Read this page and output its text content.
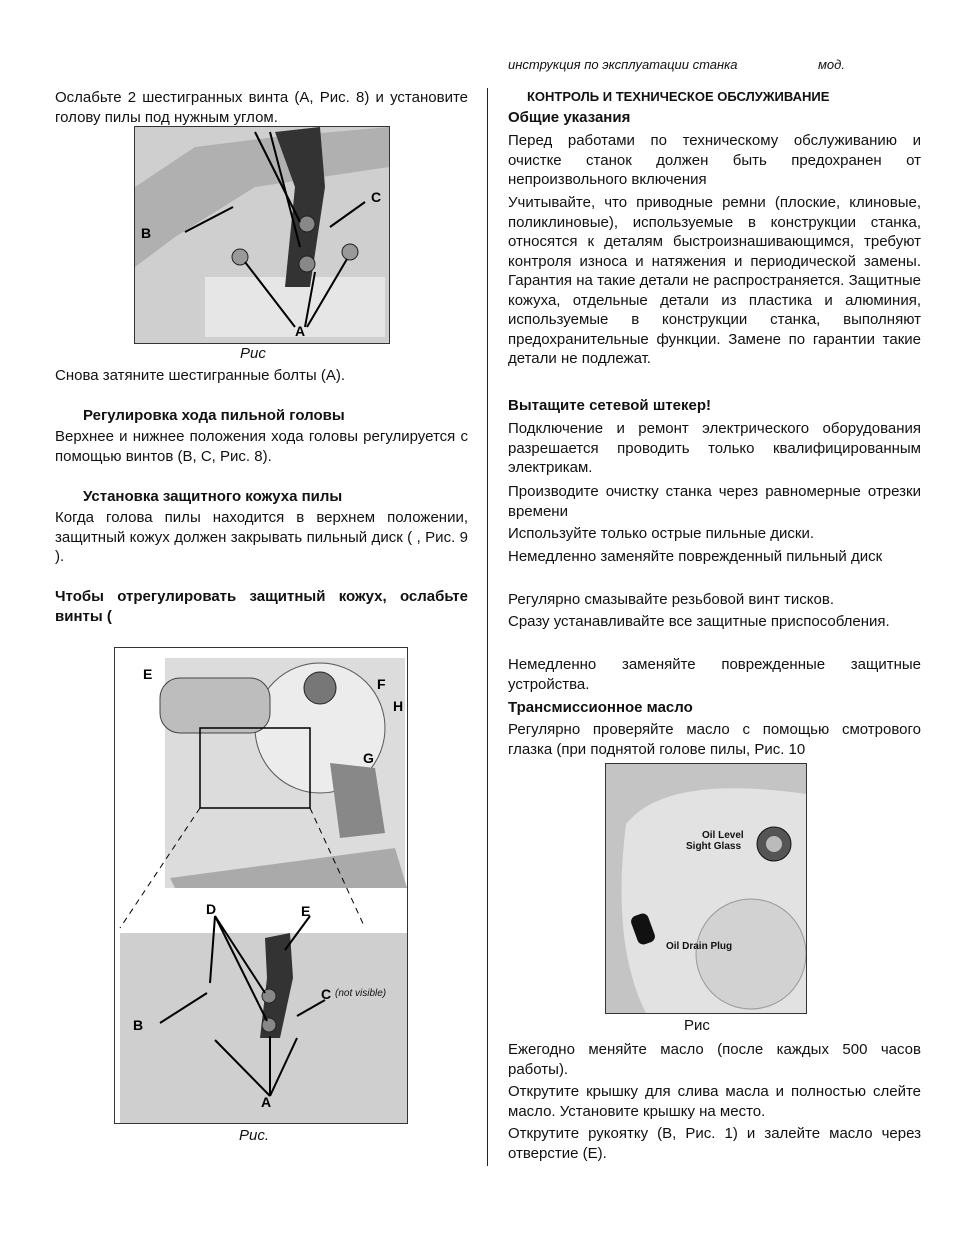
инструкция по эксплуатации станка	мод.

Ослабьте 2 шестигранных винта (А, Рис. 8) и установите голову пилы под нужным углом.

B
C
A
Рис

Снова затяните шестигранные болты (А).

Регулировка хода пильной головы

Верхнее и нижнее положения хода головы регулируется с помощью винтов (В, С, Рис. 8).

Установка защитного кожуха пилы

Когда голова пилы находится в верхнем положении, защитный кожух должен закрывать пильный диск ( , Рис. 9 ).

Чтобы отрегулировать защитный кожух, ослабьте винты (

E
F
H
G
D	E
C (not visible)
B
A
Рис.

КОНТРОЛЬ И ТЕХНИЧЕСКОЕ ОБСЛУЖИВАНИЕ

Общие указания

Перед работами по техническому обслуживанию и очистке станок должен быть предохранен от непроизвольного включения

Учитывайте, что приводные ремни (плоские, клиновые, поликлиновые), используемые в конструкции станка, относятся к деталям быстроизнашивающимся, требуют контроля износа и натяжения и периодической замены. Гарантия на такие детали не распространяется. Защитные кожуха, отдельные детали из пластика и алюминия, используемые в конструкции станка, выполняют предохранительные функции. Замене по гарантии такие детали не подлежат.

Вытащите сетевой штекер!

Подключение и ремонт электрического оборудования разрешается проводить только квалифицированным электрикам.

Производите очистку станка через равномерные отрезки времени

Используйте только острые пильные диски.

Немедленно заменяйте поврежденный пильный диск

Регулярно смазывайте резьбовой винт тисков.

Сразу устанавливайте все защитные приспособления.

Немедленно заменяйте поврежденные защитные устройства.

Трансмиссионное масло

Регулярно проверяйте масло с помощью смотрового глазка (при поднятой голове пилы, Рис. 10

Oil Level
Sight Glass
Oil Drain Plug
Рис

Ежегодно меняйте масло (после каждых 500 часов работы).

Открутите крышку для слива масла и полностью слейте масло. Установите крышку на место.

Открутите рукоятку (В, Рис. 1) и залейте масло через отверстие (Е).
